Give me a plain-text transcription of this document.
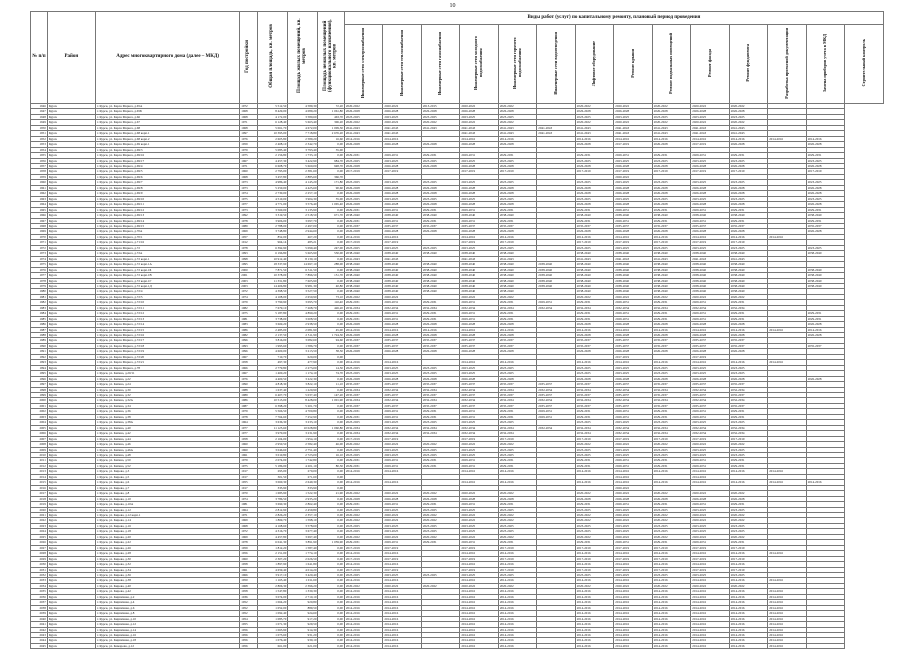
10
№ п/п	Район	Адрес многоквартирного дома (далее – МКД)	Год постройки	Общая площадь, кв. метров	Площадь жилых помещений, кв. метров	Площадь нежилых помещений (функционального назначения), кв. метров	Виды работ (услуг) по капитальному ремонту, плановый период проведения													
							Инженерные сети электроснабжения	Инженерные сети теплоснабжения	Инженерные сети газоснабжения	Инженерные сети холодного водоснабжения	Инженерные сети горячего водоснабжения	Инженерные сети водоотведения	Лифтовое оборудование	Ремонт крыши	Ремонт подвальных помещений	Ремонт фасада	Ремонт фундамента	Разработка проектной документации	Замена приборов учета в МКД	Строительный контроль
1946	Курск	г. Курск, ул. Карла Маркса, д.65А	1972	5 512,50	4 589,30	72,20	2020-2022	2020-2022	2013-2015	2020-2022	2020-2022		2020-2022	2020-2022	2020-2022	2020-2022	2020-2022			
1947	Курск	г. Курск, ул. Карла Маркса, д.65Б	1968	8 429,00	4 089,20	1 061,80	2026-2028	2026-2028	2026-2028	2026-2028	2026-2028		2026-2028	2026-2028	2026-2028	2026-2028	2026-2028			
1948	Курск	г. Курск, ул. Карла Маркса, д.66	1968	4 172,00	3 580,60	463,70	2023-2025	2023-2025	2023-2025	2023-2025	2023-2025		2023-2025	2023-2025	2023-2025	2023-2025	2023-2025			
1949	Курск	г. Курск, ул. Карла Маркса, д.67	1971	6 128,40	5 663,40	306,20	2020-2022	2020-2022	2020-2022	2020-2022	2020-2022		2020-2022	2020-2022	2020-2022	2020-2022	2020-2022			
1950	Курск	г. Курск, ул. Карла Маркса, д.68	1968	5 061,70	4 672,00	1 009,30	2041-2043	2041-2043	2041-2043	2041-2043	2041-2043	2041-2043	2041-2043	2041-2043	2041-2043	2041-2043	2041-2043			
1951	Курск	г. Курск, ул. Карла Маркса, д.68 корп.1	1997	10 395,00	7 718,80	2 676,20	2041-2043	2041-2043		2041-2043	2041-2043	2041-2043	2041-2043	2041-2043	2041-2043	2041-2043	2041-2043			
1952	Курск	г. Курск, ул. Карла Маркса, д.68 корп.2	1976	2 605,80	2 589,20	16,60	2014-2016	2014-2016		2014-2016	2014-2016		2014-2016	2014-2016	2014-2016	2014-2016	2014-2016	2014-2016	2014-2016	
1953	Курск	г. Курск, ул. Карла Маркса, д.69 корп.1	1959	2 408,10	2 342,70	0,00	2026-2028	2026-2028	2026-2028	2026-2028	2026-2028		2026-2028	2017-2019	2026-2028	2017-2019	2026-2028		2026-2028	
1954	Курск	г. Курск, ул. Карла Маркса, д.69/3	1979	5 085,40	3 793,40	35,00														
1955	Курск	г. Курск, ул. Карла Маркса, д.69/16	1975	2 156,80	1 733,10	0,00	2029-2031	2029-2031	2029-2031	2029-2031	2029-2031		2029-2031	2029-2031	2029-2031	2029-2031	2029-2031		2029-2031	
1956	Курск	г. Курск, ул. Карла Маркса, д.69/17	1967	4 457,30	3 422,90	984,70	2023-2025	2023-2025	2023-2025	2023-2025	2023-2025		2023-2025	2023-2025	2023-2025	2023-2025	2023-2025		2023-2025	
1957	Курск	г. Курск, ул. Карла Маркса, д.69/4	1971	6 608,70	5 660,00	948,70	2026-2028	2026-2028	2026-2028	2026-2028	2026-2028		2026-2028	2026-2028	2026-2028	2026-2028	2026-2028		2026-2028	
1958	Курск	г. Курск, ул. Карла Маркса, д.69/5	1960	2 793,00	2 381,60	0,00	2017-2019	2017-2019		2017-2019	2017-2019		2017-2019	2017-2019	2017-2019	2017-2019	2017-2019		2017-2019	
1959	Курск	г. Курск, ул. Карла Маркса, д.69/6	1968	3 457,80	2 885,60	366,70								2020-2022						
1960	Курск	г. Курск, ул. Карла Маркса, д.69/7	1973	4 986,40	4 145,20	171,80	2023-2025	2023-2025	2023-2025	2023-2025	2023-2025		2023-2025	2023-2025	2023-2025	2023-2025	2023-2025		2023-2025	
1961	Курск	г. Курск, ул. Карла Маркса, д.69/8	1973	5 250,00	4 425,60	90,60	2026-2028	2026-2028	2026-2028	2026-2028	2026-2028		2026-2028	2026-2028	2026-2028	2026-2028	2026-2028		2026-2028	
1962	Курск	г. Курск, ул. Карла Маркса, д.69/9	1974	2 730,00	2 257,10	0,00	2026-2028	2026-2028	2026-2028	2026-2028	2026-2028		2026-2028	2026-2028	2026-2028	2026-2028	2026-2028		2026-2028	
1963	Курск	г. Курск, ул. Карла Маркса, д.69/10	1975	4 510,00	3 904,30	35,00	2023-2025	2023-2025	2023-2025	2023-2025	2023-2025		2023-2025	2023-2025	2023-2025	2023-2025	2023-2025		2023-2025	
1964	Курск	г. Курск, ул. Карла Маркса, д.69/11	1977	4 771,00	3 576,40	1 065,40	2026-2028	2026-2028	2026-2028	2026-2028	2026-2028		2026-2028	2026-2028	2026-2028	2026-2028	2026-2028		2026-2028	
1965	Курск	г. Курск, ул. Карла Маркса, д.69/12	1973	3 560,00	3 135,90	0,00	2029-2031	2029-2031	2029-2031	2029-2031	2029-2031		2029-2031	2029-2031	2029-2031	2029-2031	2029-2031		2029-2031	
1966	Курск	г. Курск, ул. Карла Маркса, д.69/13	1992	3 319,50	2 518,50	671,70	2038-2040	2038-2040	2038-2040	2038-2040	2038-2040		2038-2040	2038-2040	2038-2040	2038-2040	2038-2040		2038-2040	
1967	Курск	г. Курск, ул. Карла Маркса, д.69/14	1978	3 906,00	3 097,70	0,00	2029-2031	2029-2031	2029-2031	2029-2031	2029-2031		2029-2031	2029-2031	2029-2031	2029-2031	2029-2031		2029-2031	
1968	Курск	г. Курск, ул. Карла Маркса, д.69/15	1989	2 788,00	2 497,00	0,00	2035-2037	2035-2037	2035-2037	2035-2037	2035-2037		2035-2037	2035-2037	2035-2037	2035-2037	2035-2037		2035-2037	
1969	Курск	г. Курск, ул. Карла Маркса, д.70А	1969	3 748,80	2 944,60	0,00	2026-2028	2026-2028	2026-2028	2026-2028	2026-2028		2026-2028	2026-2028	2026-2028	2026-2028	2026-2028		2026-2028	
1970	Курск	г. Курск, ул. Карла Маркса, д.70/1	1957	852,00	467,20	0,00	2014-2016	2014-2016		2014-2016	2014-2016		2014-2016	2014-2016	2014-2016	2014-2016	2014-2016	2014-2016		
1971	Курск	г. Курск, ул. Карла Маркса, д.71/16	1912	964,14	485,21	0,00	2017-2019	2017-2019		2017-2019	2017-2019		2017-2019	2017-2019	2017-2019	2017-2019	2017-2019			
1972	Курск	г. Курск, ул. Карла Маркса, д.72	1978	6 392,90	5 099,40	247,00	2023-2025	2023-2025	2023-2025	2023-2025	2023-2025		2023-2025	2023-2025	2023-2025	2023-2025	2023-2025		2023-2025	
1973	Курск	г. Курск, ул. Карла Маркса, д.72А	1993	6 196,80	5 665,90	530,00	2038-2040	2038-2040	2038-2040	2038-2040	2038-2040		2038-2040	2038-2040	2038-2040	2038-2040	2038-2040		2038-2040	
1974	Курск	г. Курск, ул. Карла Маркса, д.72 корп.1	1998	10 912,40	8 130,10	0,00	2041-2043	2041-2043		2041-2043	2041-2043		2041-2043	2041-2043	2041-2043	2041-2043	2041-2043			
1975	Курск	г. Курск, ул. Карла Маркса, д.72 корп.1А	1995	18 337,90	14 697,10	288,00	2038-2040	2038-2040	2038-2040	2038-2040	2038-2040	2038-2040	2038-2040	2038-2040	2038-2040	2038-2040	2038-2040			
1976	Курск	г. Курск, ул. Карла Маркса, д.72 корп.1Б	2000	7 871,50	6 311,50	0,00	2038-2040	2038-2040	2038-2040	2038-2040	2038-2040	2038-2040	2038-2040	2038-2040	2038-2040	2038-2040	2038-2040		2038-2040	
1977	Курск	г. Курск, ул. Карла Маркса, д.72 корп.1В	2001	10 378,00	7 896,50	151,70	2038-2040	2038-2040	2038-2040	2038-2040	2038-2040	2038-2040	2038-2040	2038-2040	2038-2040	2038-2040	2038-2040		2038-2040	
1978	Курск	г. Курск, ул. Карла Маркса, д.72 корп.1Г	2003	11 331,80	7 605,90	0,00	2038-2040	2038-2040	2038-2040	2038-2040	2038-2040	2038-2040	2038-2040	2038-2040	2038-2040	2038-2040	2038-2040		2038-2040	
1979	Курск	г. Курск, ул. Карла Маркса, д.72 корп.1Д	2003	14 406,80	9 981,30	40,80	2038-2040	2038-2040	2038-2040	2038-2040	2038-2040	2038-2040	2038-2040	2038-2040	2038-2040	2038-2040	2038-2040		2038-2040	
1980	Курск	г. Курск, ул. Карла Маркса, д.72/4	1972	4 398,50	3 527,50	0,00	2038-2040	2038-2040	2038-2040	2038-2040	2038-2040		2038-2040	2038-2040	2038-2040	2038-2040	2038-2040			
1981	Курск	г. Курск, ул. Карла Маркса, д.72/5	1974	4 108,00	2 650,90	73,10	2020-2022	2020-2022		2020-2022	2020-2022		2020-2022	2020-2022	2020-2022	2020-2022	2020-2022			
1982	Курск	г. Курск, ул. Карла Маркса, д.72/10	1979	3 790,90	3 095,70	110,40	2029-2031	2029-2031	2029-2031	2029-2031	2029-2031	2029-2031	2029-2031	2029-2031	2029-2031	2029-2031	2029-2031			
1983	Курск	г. Курск, ул. Карла Маркса, д.72/11	1982	7 679,10	7 268,70	426,20	2032-2034	2032-2034	2032-2034	2032-2034	2032-2034	2032-2034	2032-2034	2032-2034	2032-2034	2032-2034	2032-2034			
1984	Курск	г. Курск, ул. Карла Маркса, д.72/12	1975	5 187,80	4 890,20	0,00	2029-2031	2029-2031	2029-2031	2029-2031	2029-2031		2029-2031	2029-2031	2029-2031	2029-2031	2029-2031		2029-2031	
1985	Курск	г. Курск, ул. Карла Маркса, д.72/13	1981	3 738,00	3 008,50	0,00	2029-2031	2029-2031	2029-2031	2029-2031	2029-2031		2029-2031	2029-2031	2029-2031	2029-2031	2029-2031		2029-2031	
1986	Курск	г. Курск, ул. Карла Маркса, д.72/14	1983	3 669,20	2 938,50	0,00	2026-2028	2026-2028	2026-2028	2026-2028	2026-2028		2026-2028	2026-2028	2026-2028	2026-2028	2026-2028		2026-2028	
1987	Курск	г. Курск, ул. Карла Маркса, д.72/15	1986	2 485,00	2 081,90	45,00	2014-2016	2014-2016	2014-2016	2014-2016	2014-2016		2014-2016	2014-2016	2014-2016	2014-2016	2014-2016	2014-2016	2014-2016	
1988	Курск	г. Курск, ул. Карла Маркса, д.72/16	1982	2 137,50	2 511,90	1 724,30	2026-2028	2026-2028	2026-2028	2026-2028	2026-2028		2026-2028	2026-2028	2026-2028	2026-2028	2026-2028		2026-2028	
1989	Курск	г. Курск, ул. Карла Маркса, д.72/17	1996	3 816,00	3 082,60	94,60	2035-2037	2035-2037	2035-2037	2035-2037	2035-2037		2035-2037	2035-2037	2035-2037	2035-2037	2035-2037			
1990	Курск	г. Курск, ул. Карла Маркса, д.72/18	1993	1 993,60	1 586,70	0,00	2035-2037	2035-2037	2035-2037	2035-2037	2035-2037		2035-2037	2035-2037	2035-2037	2035-2037	2035-2037		2035-2037	
1991	Курск	г. Курск, ул. Карла Маркса, д.72/19	1996	4 600,00	3 213,50	58,50	2026-2028	2026-2028	2026-2028	2026-2028	2026-2028		2026-2028	2026-2028	2026-2028	2026-2028	2026-2028			
1992	Курск	г. Курск, ул. Карла Маркса, д.72/20	1967	710,70	620,00	0,00								2017-2019		2017-2019				
1993	Курск	г. Курск, ул. Карла Маркса, д.72/21	1958	497,30	477,90	0,00	2014-2016	2014-2016		2014-2016	2014-2016		2014-2016	2014-2016	2014-2016	2014-2016	2014-2016	2014-2016		
1994	Курск	г. Курск, ул. Карла Маркса, д.78	1966	2 779,80	2 273,00	14,50	2023-2025	2023-2025	2023-2025	2023-2025	2023-2025		2023-2025	2023-2025	2023-2025	2023-2025	2023-2025			
1995	Курск	г. Курск, ул. Катина, д.20/11	1967	1 400,20	1 174,10	74,70	2023-2025	2023-2025	2023-2025	2023-2025	2023-2025		2023-2025	2023-2025	2023-2025	2023-2025	2023-2025			
1996	Курск	г. Курск, ул. Катина, д.22	1976	4 400,50	3 222,30	0,00	2026-2028	2026-2028	2026-2028	2026-2028	2026-2028		2026-2028	2026-2028	2026-2028	2026-2028	2026-2028		2026-2028	
1997	Курск	г. Курск, ул. Катина, д.24	1990	4 818,30	3 822,10	11,10	2035-2037	2035-2037	2035-2037	2035-2037	2035-2037	2035-2037	2035-2037	2035-2037	2035-2037	2035-2037	2035-2037			
1998	Курск	г. Курск, ул. Катина, д.30	1988	1 637,40	1 220,90	0,00	2032-2034	2032-2034	2032-2034	2032-2034	2032-2034	2032-2034	2032-2034	2032-2034	2032-2034	2032-2034	2032-2034			
1999	Курск	г. Курск, ул. Катина, д.32	1989	6 407,70	5 037,40	147,20	2035-2037	2035-2037	2035-2037	2035-2037	2035-2037	2035-2037	2035-2037	2035-2037	2035-2037	2035-2037	2035-2037			
2000	Курск	г. Курск, ул. Катина, д.32А	1986	10 513,00	8 428,00	1 001,90	2032-2034	2032-2034	2032-2034	2032-2034	2032-2034	2032-2034	2032-2034	2032-2034	2032-2034	2032-2034	2032-2034			
2001	Курск	г. Курск, ул. Катина, д.34	1987	6 398,20	5 201,70	0,00	2035-2037	2035-2037	2035-2037	2035-2037	2035-2037	2035-2037	2035-2037	2035-2037	2035-2037	2035-2037	2035-2037			
2002	Курск	г. Курск, ул. Катина, д.36	1979	5 566,50	4 700,80	0,00	2029-2031	2029-2031	2029-2031	2029-2031	2029-2031	2029-2031	2029-2031	2029-2031	2029-2031	2029-2031	2029-2031			
2003	Курск	г. Курск, ул. Катина, д.38	1978	7 764,60	7 252,90	0,00	2029-2031	2029-2031	2029-2031	2029-2031	2029-2031	2029-2031	2029-2031	2029-2031	2029-2031	2029-2031	2029-2031			
2004	Курск	г. Курск, ул. Катина, д.38А	1964	3 636,30	3 233,10	0,00	2023-2025	2023-2025	2023-2025	2023-2025	2023-2025		2023-2025	2023-2025	2023-2025	2023-2025	2023-2025			
2005	Курск	г. Курск, ул. Катина, д.40	1977	11 125,60	10 028,80	1 060,80	2032-2034	2032-2034	2032-2034	2032-2034	2032-2034	2032-2034	2032-2034	2032-2034	2032-2034	2032-2034	2032-2034			
2006	Курск	г. Курск, ул. Катина, д.42	1977	3 970,00	3 231,90	0,00	2032-2034	2032-2034	2032-2034	2032-2034	2032-2034		2032-2034	2032-2034	2032-2034	2032-2034	2032-2034			
2007	Курск	г. Курск, ул. Катина, д.44	1958	2 104,00	1 954,10	0,00	2017-2019	2017-2019		2017-2019	2017-2019		2017-2019	2017-2019	2017-2019	2017-2019	2017-2019			
2008	Курск	г. Курск, ул. Катина, д.46	1960	2 950,50	2 582,40	46,00	2020-2022	2020-2022	2020-2022	2020-2022	2020-2022		2020-2022	2020-2022	2020-2022	2020-2022	2020-2022			
2009	Курск	г. Курск, ул. Катина, д.46А	1960	3 046,60	2 751,40	0,00	2023-2025	2023-2025	2023-2025	2023-2025	2023-2025		2023-2025	2023-2025	2023-2025	2023-2025	2023-2025			
2010	Курск	г. Курск, ул. Катина, д.48	1961	3 010,80	2 723,00	16,10	2023-2025	2023-2025	2023-2025	2023-2025	2023-2025		2023-2025	2023-2025	2023-2025	2023-2025	2023-2025			
2011	Курск	г. Курск, ул. Катина, д.50	1979	2 074,00	1 742,80	0,00	2029-2031	2029-2031	2029-2031	2029-2031	2029-2031		2029-2031	2029-2031	2029-2031	2029-2031	2029-2031			
2012	Курск	г. Курск, ул. Катина, д.52	1975	5 186,00	4 201,10	80,30	2029-2031	2029-2031	2029-2031	2029-2031	2029-2031		2029-2031	2029-2031	2029-2031	2029-2031	2029-2031			
2013	Курск	г. Курск, ул. Кирова, д.3	1917	293,00	270,00	0,00	2014-2016	2014-2016		2014-2016	2014-2016		2014-2016	2014-2016	2014-2016	2014-2016	2014-2016	2014-2016		
2014	Курск	г. Курск, ул. Кирова, д.5	1917	301,50	271,60	0,00								2014-2016		2014-2016				
2015	Курск	г. Курск, ул. Кирова, д.6	1955	3 060,30	2 649,30	0,00	2014-2016	2014-2016		2014-2016	2014-2016		2014-2016	2014-2016	2014-2016	2014-2016	2014-2016	2014-2016	2014-2016	
2016	Курск	г. Курск, ул. Кирова, д.7	1917	333,90	333,90	0,00								2020-2022						
2017	Курск	г. Курск, ул. Кирова, д.8	1970	1 683,90	1 522,30	21,90	2020-2022	2020-2022	2020-2022	2020-2022	2020-2022		2020-2022	2020-2022	2020-2022	2020-2022	2020-2022			
2018	Курск	г. Курск, ул. Кирова, д.10	1974	3 786,50	2 935,20	0,00	2026-2028	2026-2028	2026-2028	2026-2028	2026-2028		2026-2028	2026-2028	2026-2028	2026-2028	2026-2028			
2019	Курск	г. Курск, ул. Кирова, д.10А	1981	3 690,30	2 862,40	0,00	2029-2031	2029-2031	2029-2031	2029-2031	2029-2031		2029-2031	2029-2031	2029-2031	2029-2031	2029-2031			
2020	Курск	г. Курск, ул. Кирова, д.12	1964	2 812,90	2 459,80	0,00	2023-2025	2023-2025	2023-2025	2023-2025	2023-2025		2023-2025	2023-2025	2023-2025	2023-2025	2023-2025			
2021	Курск	г. Курск, ул. Кирова, д.12 корп.1	1971	2 826,20	2 357,10	0,00	2020-2022	2020-2022	2020-2022	2020-2022	2020-2022		2020-2022	2020-2022	2020-2022	2020-2022	2020-2022			
2022	Курск	г. Курск, ул. Кирова, д.14	1969	1 869,70	1 598,10	0,00	2020-2022	2020-2022	2020-2022	2020-2022	2020-2022		2020-2022	2020-2022	2020-2022	2020-2022	2020-2022			
2023	Курск	г. Курск, ул. Кирова, д.16	1968	4 168,60	3 578,60	0,00	2023-2025	2023-2025	2023-2025	2023-2025	2023-2025		2023-2025	2023-2025	2023-2025	2023-2025	2023-2025			
2024	Курск	г. Курск, ул. Кирова, д.18	1972	4 316,70	3 677,40	0,00	2023-2025	2023-2025	2023-2025	2023-2025	2023-2025		2023-2025	2023-2025	2023-2025	2023-2025	2023-2025			
2025	Курск	г. Курск, ул. Кирова, д.20	1969	4 457,80	3 697,40	0,00	2020-2022	2020-2022	2020-2022	2020-2022	2020-2022		2020-2022	2020-2022	2020-2022	2020-2022	2020-2022			
2026	Курск	г. Курск, ул. Кирова, д.22	1978	6 041,30	3 891,90	1 059,90	2029-2031	2029-2031	2029-2031	2029-2031	2029-2031		2029-2031	2029-2031	2029-2031	2029-2031	2029-2031			
2027	Курск	г. Курск, ул. Кирова, д.26	1959	1 812,20	1 587,40	0,00	2017-2019	2017-2019		2017-2019	2017-2019		2017-2019	2017-2019	2017-2019	2017-2019	2017-2019			
2028	Курск	г. Курск, ул. Кирова, д.28	1956	2 151,00	1 774,10	0,00	2014-2016	2014-2016		2014-2016	2014-2016		2014-2016	2014-2016	2014-2016	2014-2016	2014-2016	2014-2016		
2029	Курск	г. Курск, ул. Кирова, д.30	1960	2 307,20	2 026,50	0,00	2017-2019	2017-2019		2017-2019	2017-2019		2017-2019	2017-2019	2017-2019	2017-2019	2017-2019			
2030	Курск	г. Курск, ул. Кирова, д.32	1958	1 897,90	1 641,80	0,00	2014-2016	2014-2016		2014-2016	2014-2016		2014-2016	2014-2016	2014-2016	2014-2016	2014-2016			
2031	Курск	г. Курск, ул. Кирова, д.34	1961	4 659,40	4 014,20	0,00	2017-2019	2017-2019		2017-2019	2017-2019		2017-2019	2017-2019	2017-2019	2017-2019	2017-2019			
2032	Курск	г. Курск, ул. Кирова, д.36	1966	3 917,10	3 420,40	0,00	2023-2025	2023-2025	2023-2025	2023-2025	2023-2025		2023-2025	2023-2025	2023-2025	2023-2025	2023-2025			
2033	Курск	г. Курск, ул. Кирова, д.38	1950	1 165,40	1 011,60	0,00	2014-2016	2014-2016		2014-2016	2014-2016		2014-2016	2014-2016	2014-2016	2014-2016	2014-2016	2014-2016		
2034	Курск	г. Курск, ул. Кирова, д.40	1968	2 806,30	2 396,20	0,00	2020-2022	2020-2022	2020-2022	2020-2022	2020-2022		2020-2022	2020-2022	2020-2022	2020-2022	2020-2022			
2035	Курск	г. Курск, ул. Кирова, д.42	1958	1 547,80	1 330,30	0,00	2014-2016	2014-2016		2014-2016	2014-2016		2014-2016	2014-2016	2014-2016	2014-2016	2014-2016	2014-2016		
2036	Курск	г. Курск, ул. Кирпичная, д.2	1936	3 074,00	2 710,10	0,00	2014-2016	2014-2016		2014-2016	2014-2016		2014-2016	2014-2016	2014-2016	2014-2016	2014-2016	2014-2016		
2037	Курск	г. Курск, ул. Кирпичная, д.4	1952	1 064,20	920,80	0,00	2014-2016	2014-2016		2014-2016	2014-2016		2014-2016	2014-2016	2014-2016	2014-2016	2014-2016	2014-2016		
2038	Курск	г. Курск, ул. Кирпичная, д.6	1952	1 052,00	889,50	0,00	2014-2016	2014-2016		2014-2016	2014-2016		2014-2016	2014-2016	2014-2016	2014-2016	2014-2016	2014-2016		
2039	Курск	г. Курск, ул. Кирпичная, д.8	1952	1 092,40	924,60	0,00	2014-2016	2014-2016		2014-2016	2014-2016		2014-2016	2014-2016	2014-2016	2014-2016	2014-2016	2014-2016		
2040	Курск	г. Курск, ул. Кирпичная, д.10	1954	1 085,70	917,20	0,00	2014-2016	2014-2016		2014-2016	2014-2016		2014-2016	2014-2016	2014-2016	2014-2016	2014-2016	2014-2016		
2041	Курск	г. Курск, ул. Кирпичная, д.12	1955	1 071,30	929,50	0,00	2014-2016	2014-2016		2014-2016	2014-2016		2014-2016	2014-2016	2014-2016	2014-2016	2014-2016	2014-2016		
2042	Курск	г. Курск, ул. Кирпичная, д.14	1956	1 063,90	914,30	0,00	2014-2016	2014-2016		2014-2016	2014-2016		2014-2016	2014-2016	2014-2016	2014-2016	2014-2016	2014-2016		
2043	Курск	г. Курск, ул. Кирпичная, д.16	1956	1 073,60	931,20	0,00	2014-2016	2014-2016		2014-2016	2014-2016		2014-2016	2014-2016	2014-2016	2014-2016	2014-2016	2014-2016		
2044	Курск	г. Курск, ул. Кирпичная, д.18	1956	1 076,40	930,10	0,00	2014-2016	2014-2016		2014-2016	2014-2016		2014-2016	2014-2016	2014-2016	2014-2016	2014-2016	2014-2016		
2045	Курск	г. Курск, ул. Комарова, д.12	1956	661,00	621,00	0,00	2014-2016	2014-2016		2014-2016	2014-2016		2014-2016	2014-2016	2014-2016	2014-2016	2014-2016	2014-2016		
